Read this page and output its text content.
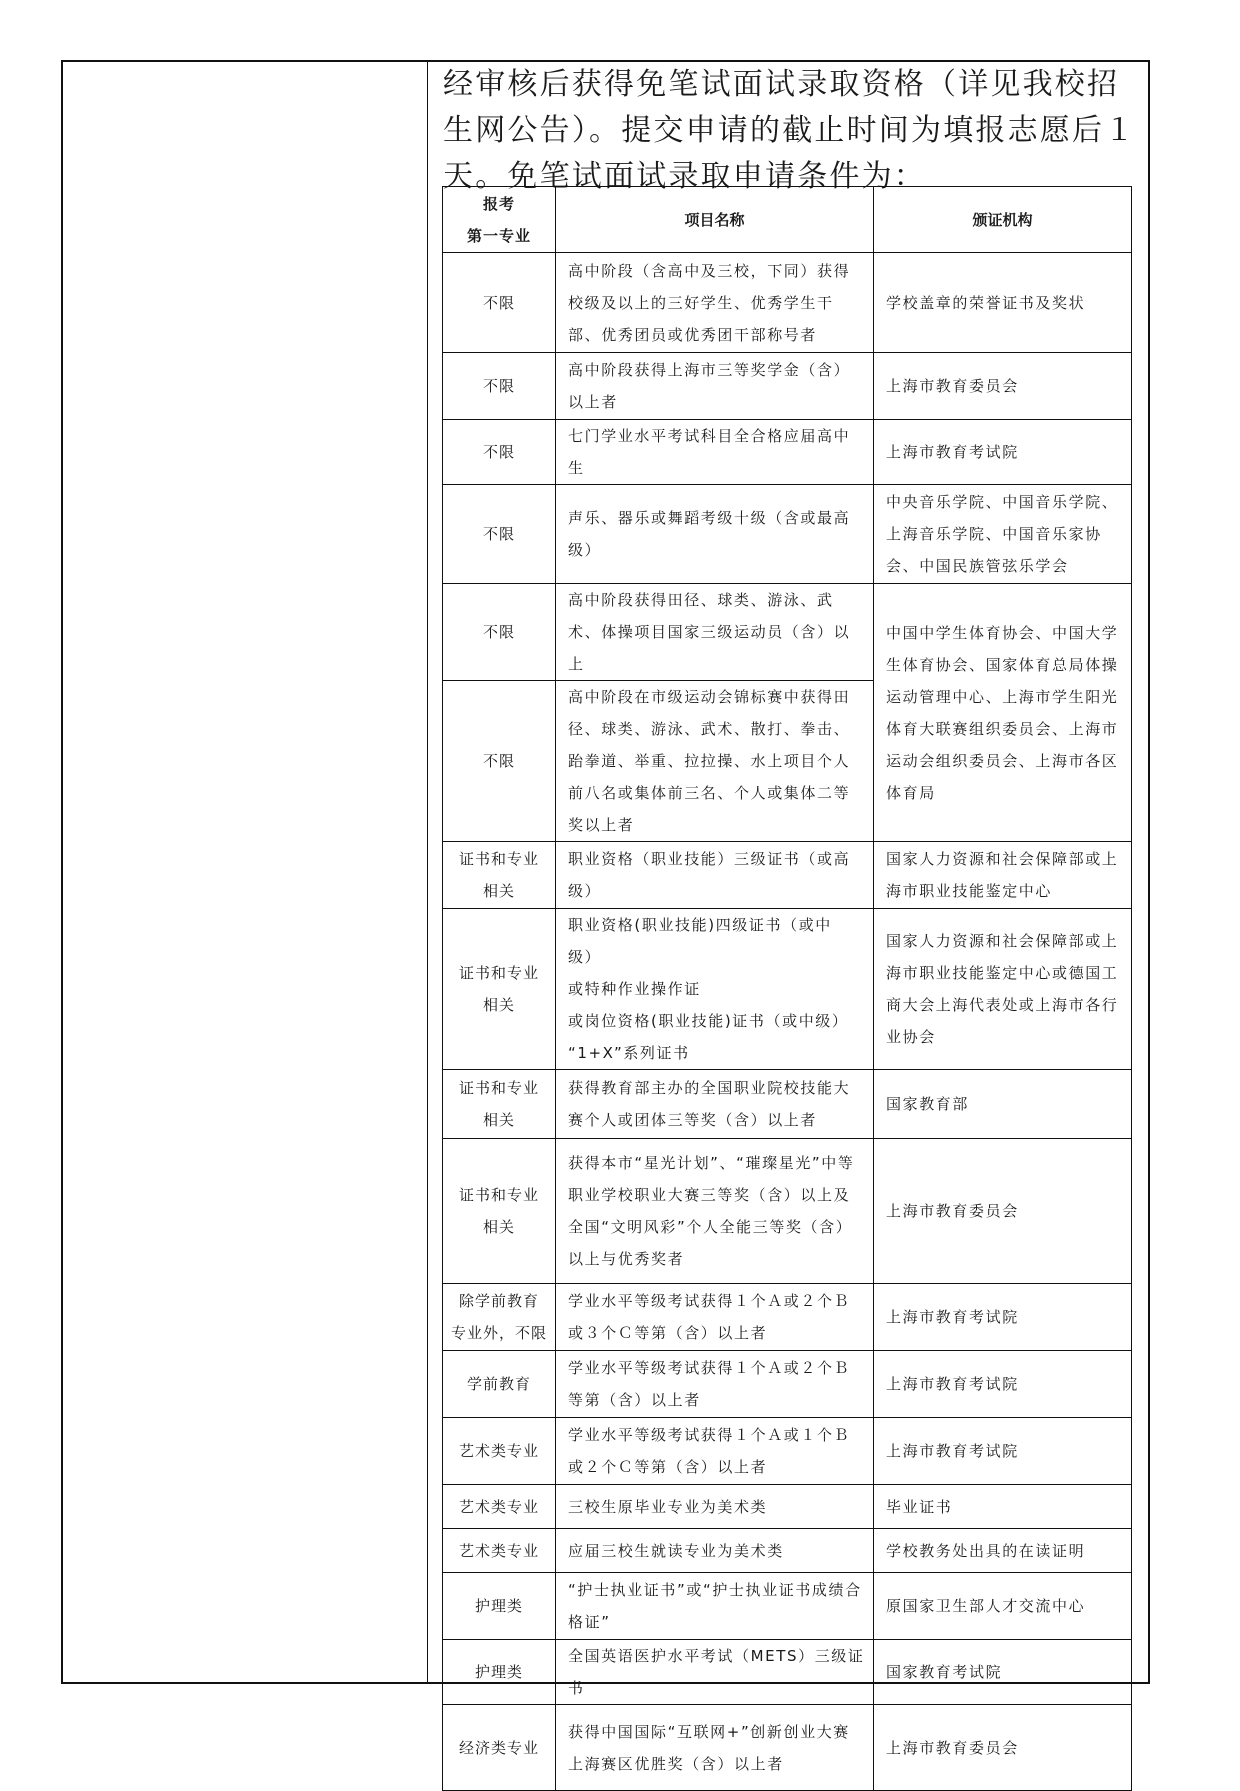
经审核后获得免笔试面试录取资格（详见我校招生网公告）。提交申请的截止时间为填报志愿后１天。免笔试面试录取申请条件为：

报考
第一专业	项目名称	颁证机构
不限	高中阶段（含高中及三校，下同）获得校级及以上的三好学生、优秀学生干部、优秀团员或优秀团干部称号者	学校盖章的荣誉证书及奖状
不限	高中阶段获得上海市三等奖学金（含）以上者	上海市教育委员会
不限	七门学业水平考试科目全合格应届高中生	上海市教育考试院
不限	声乐、器乐或舞蹈考级十级（含或最高级）	中央音乐学院、中国音乐学院、上海音乐学院、中国音乐家协会、中国民族管弦乐学会
不限	高中阶段获得田径、球类、游泳、武术、体操项目国家三级运动员（含）以上	中国中学生体育协会、中国大学生体育协会、国家体育总局体操运动管理中心、上海市学生阳光体育大联赛组织委员会、上海市运动会组织委员会、上海市各区体育局
不限	高中阶段在市级运动会锦标赛中获得田径、球类、游泳、武术、散打、拳击、跆拳道、举重、拉拉操、水上项目个人前八名或集体前三名、个人或集体二等奖以上者	
证书和专业
相关	职业资格（职业技能）三级证书（或高级）	国家人力资源和社会保障部或上海市职业技能鉴定中心
证书和专业
相关	职业资格(职业技能)四级证书（或中级）
或特种作业操作证
或岗位资格(职业技能)证书（或中级）
“1+X”系列证书	国家人力资源和社会保障部或上海市职业技能鉴定中心或德国工商大会上海代表处或上海市各行业协会
证书和专业
相关	获得教育部主办的全国职业院校技能大赛个人或团体三等奖（含）以上者	国家教育部
证书和专业
相关	获得本市“星光计划”、“璀璨星光”中等职业学校职业大赛三等奖（含）以上及全国“文明风彩”个人全能三等奖（含）以上与优秀奖者	上海市教育委员会
除学前教育
专业外，不限	学业水平等级考试获得１个Ａ或２个Ｂ或３个Ｃ等第（含）以上者	上海市教育考试院
学前教育	学业水平等级考试获得１个Ａ或２个Ｂ等第（含）以上者	上海市教育考试院
艺术类专业	学业水平等级考试获得１个Ａ或１个Ｂ或２个Ｃ等第（含）以上者	上海市教育考试院
艺术类专业	三校生原毕业专业为美术类	毕业证书
艺术类专业	应届三校生就读专业为美术类	学校教务处出具的在读证明
护理类	“护士执业证书”或“护士执业证书成绩合格证”	原国家卫生部人才交流中心
护理类	全国英语医护水平考试（METS）三级证书	国家教育考试院
经济类专业	获得中国国际“互联网+”创新创业大赛
上海赛区优胜奖（含）以上者	上海市教育委员会
